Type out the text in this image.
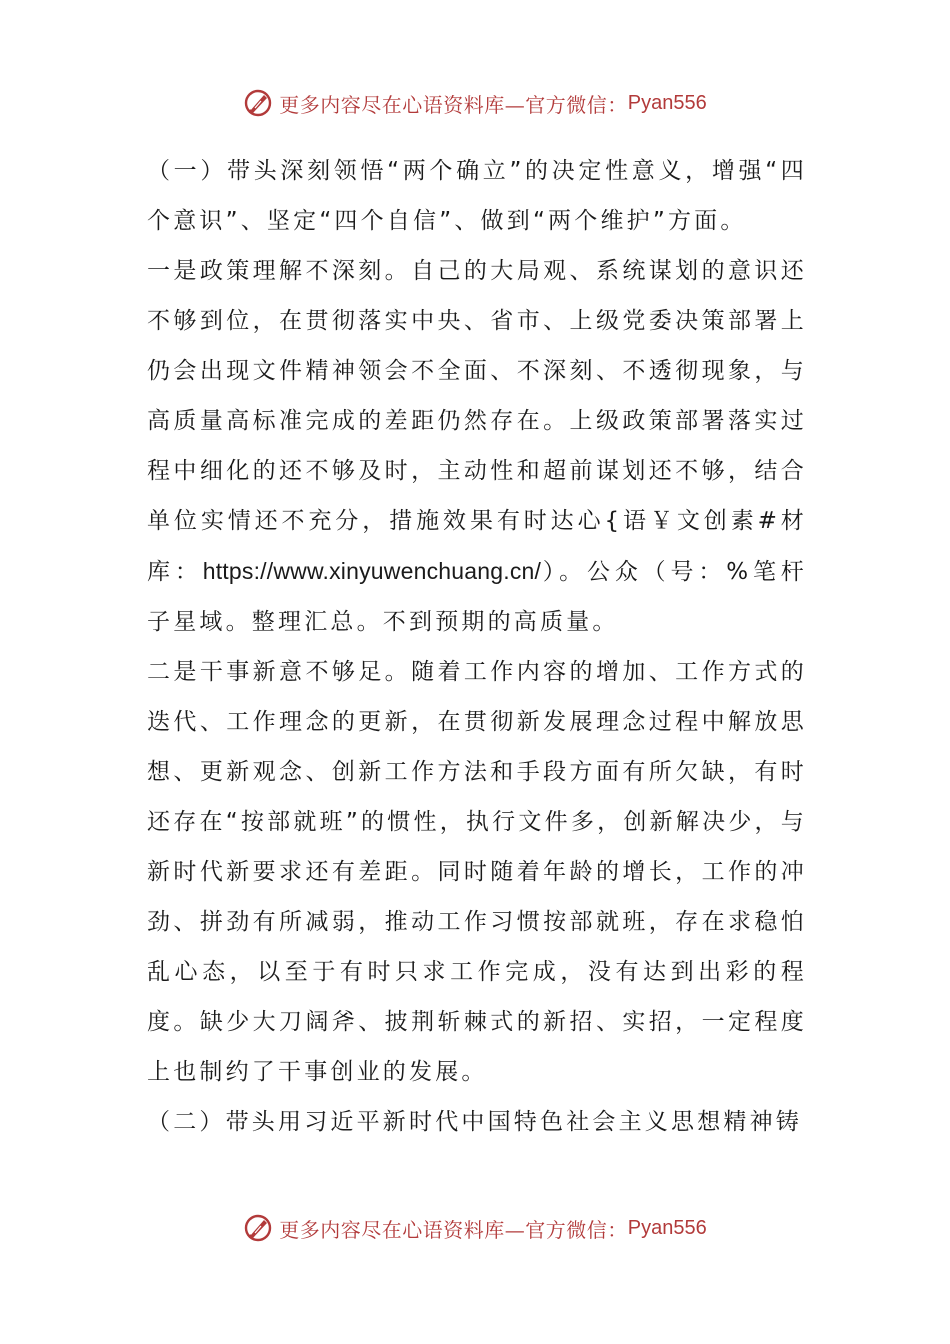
更多内容尽在心语资料库—官方微信： Pyan556

（一）带头深刻领悟“两个确立”的决定性意义，增强“四个意识”、坚定“四个自信”、做到“两个维护”方面。

一是政策理解不深刻。自己的大局观、系统谋划的意识还不够到位，在贯彻落实中央、省市、上级党委决策部署上仍会出现文件精神领会不全面、不深刻、不透彻现象，与高质量高标准完成的差距仍然存在。上级政策部署落实过程中细化的还不够及时，主动性和超前谋划还不够，结合单位实情还不充分，措施效果有时达心{语￥文创素#材库：https://www.xinyuwenchuang.cn/）。公众（号：%笔杆子星域。整理汇总。不到预期的高质量。

二是干事新意不够足。随着工作内容的增加、工作方式的迭代、工作理念的更新，在贯彻新发展理念过程中解放思想、更新观念、创新工作方法和手段方面有所欠缺，有时还存在“按部就班”的惯性，执行文件多，创新解决少，与新时代新要求还有差距。同时随着年龄的增长，工作的冲劲、拼劲有所减弱，推动工作习惯按部就班，存在求稳怕乱心态，以至于有时只求工作完成，没有达到出彩的程度。缺少大刀阔斧、披荆斩棘式的新招、实招，一定程度上也制约了干事创业的发展。

（二）带头用习近平新时代中国特色社会主义思想精神铸

更多内容尽在心语资料库—官方微信： Pyan556
